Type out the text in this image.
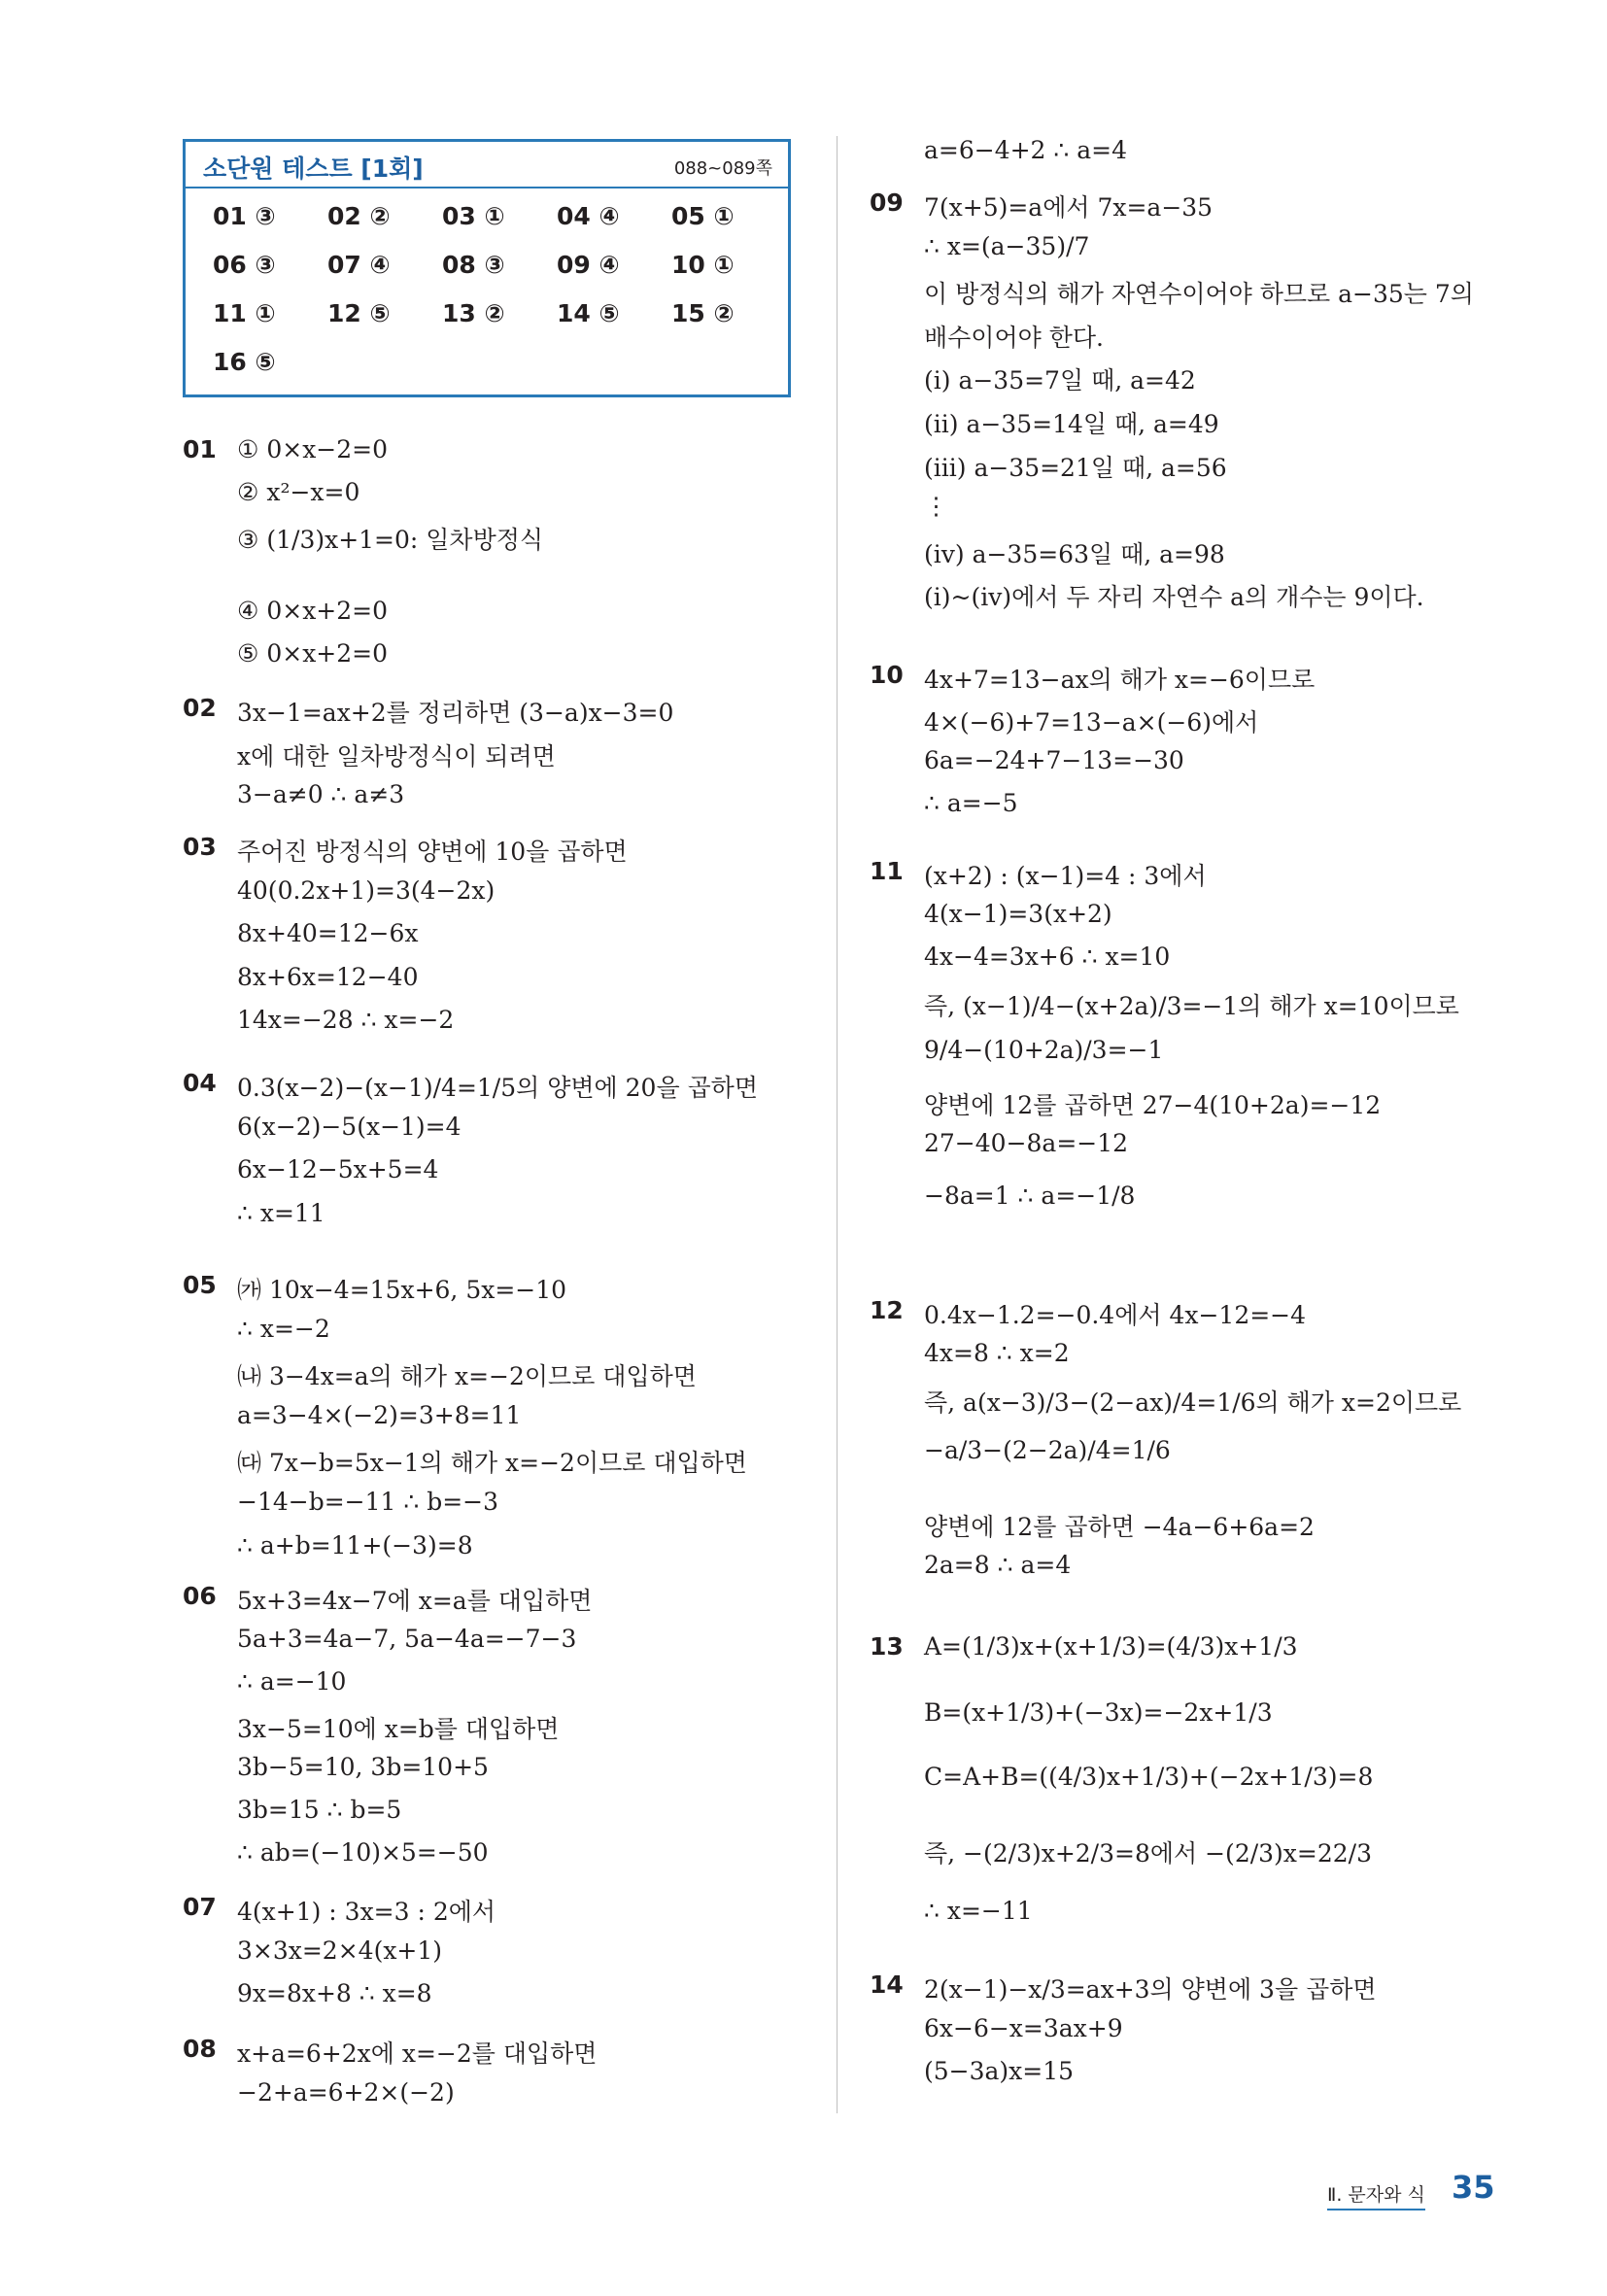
소단원 테스트 [1회]	088~089쪽
01 ③ 02 ② 03 ① 04 ④ 05 ①
06 ③ 07 ④ 08 ③ 09 ④ 10 ①
11 ① 12 ⑤ 13 ② 14 ⑤ 15 ②
16 ⑤
01 ① 0×x−2=0
② x²−x=0
③ (1/3)x+1=0: 일차방정식
④ 0×x+2=0
⑤ 0×x+2=0
02 3x−1=ax+2를 정리하면 (3−a)x−3=0
x에 대한 일차방정식이 되려면
3−a≠0 ∴ a≠3
03 주어진 방정식의 양변에 10을 곱하면
40(0.2x+1)=3(4−2x)
8x+40=12−6x
8x+6x=12−40
14x=−28 ∴ x=−2
04 0.3(x−2)−(x−1)/4=1/5의 양변에 20을 곱하면
6(x−2)−5(x−1)=4
6x−12−5x+5=4
∴ x=11
05 ㈎ 10x−4=15x+6, 5x=−10
∴ x=−2
㈏ 3−4x=a의 해가 x=−2이므로 대입하면
a=3−4×(−2)=3+8=11
㈐ 7x−b=5x−1의 해가 x=−2이므로 대입하면
−14−b=−11 ∴ b=−3
∴ a+b=11+(−3)=8
06 5x+3=4x−7에 x=a를 대입하면
5a+3=4a−7, 5a−4a=−7−3
∴ a=−10
3x−5=10에 x=b를 대입하면
3b−5=10, 3b=10+5
3b=15 ∴ b=5
∴ ab=(−10)×5=−50
07 4(x+1) : 3x=3 : 2에서
3×3x=2×4(x+1)
9x=8x+8 ∴ x=8
08 x+a=6+2x에 x=−2를 대입하면
−2+a=6+2×(−2)
a=6−4+2 ∴ a=4
09 7(x+5)=a에서 7x=a−35
∴ x=(a−35)/7
이 방정식의 해가 자연수이어야 하므로 a−35는 7의
배수이어야 한다.
(ⅰ) a−35=7일 때, a=42
(ⅱ) a−35=14일 때, a=49
(ⅲ) a−35=21일 때, a=56
⋮
(ⅳ) a−35=63일 때, a=98
(ⅰ)~(ⅳ)에서 두 자리 자연수 a의 개수는 9이다.
10 4x+7=13−ax의 해가 x=−6이므로
4×(−6)+7=13−a×(−6)에서
6a=−24+7−13=−30
∴ a=−5
11 (x+2) : (x−1)=4 : 3에서
4(x−1)=3(x+2)
4x−4=3x+6 ∴ x=10
즉, (x−1)/4−(x+2a)/3=−1의 해가 x=10이므로
9/4−(10+2a)/3=−1
양변에 12를 곱하면 27−4(10+2a)=−12
27−40−8a=−12
−8a=1 ∴ a=−1/8
12 0.4x−1.2=−0.4에서 4x−12=−4
4x=8 ∴ x=2
즉, a(x−3)/3−(2−ax)/4=1/6의 해가 x=2이므로
−a/3−(2−2a)/4=1/6
양변에 12를 곱하면 −4a−6+6a=2
2a=8 ∴ a=4
13 A=(1/3)x+(x+1/3)=(4/3)x+1/3
B=(x+1/3)+(−3x)=−2x+1/3
C=A+B=((4/3)x+1/3)+(−2x+1/3)=8
즉, −(2/3)x+2/3=8에서 −(2/3)x=22/3
∴ x=−11
14 2(x−1)−x/3=ax+3의 양변에 3을 곱하면
6x−6−x=3ax+9
(5−3a)x=15
Ⅱ. 문자와 식 35
